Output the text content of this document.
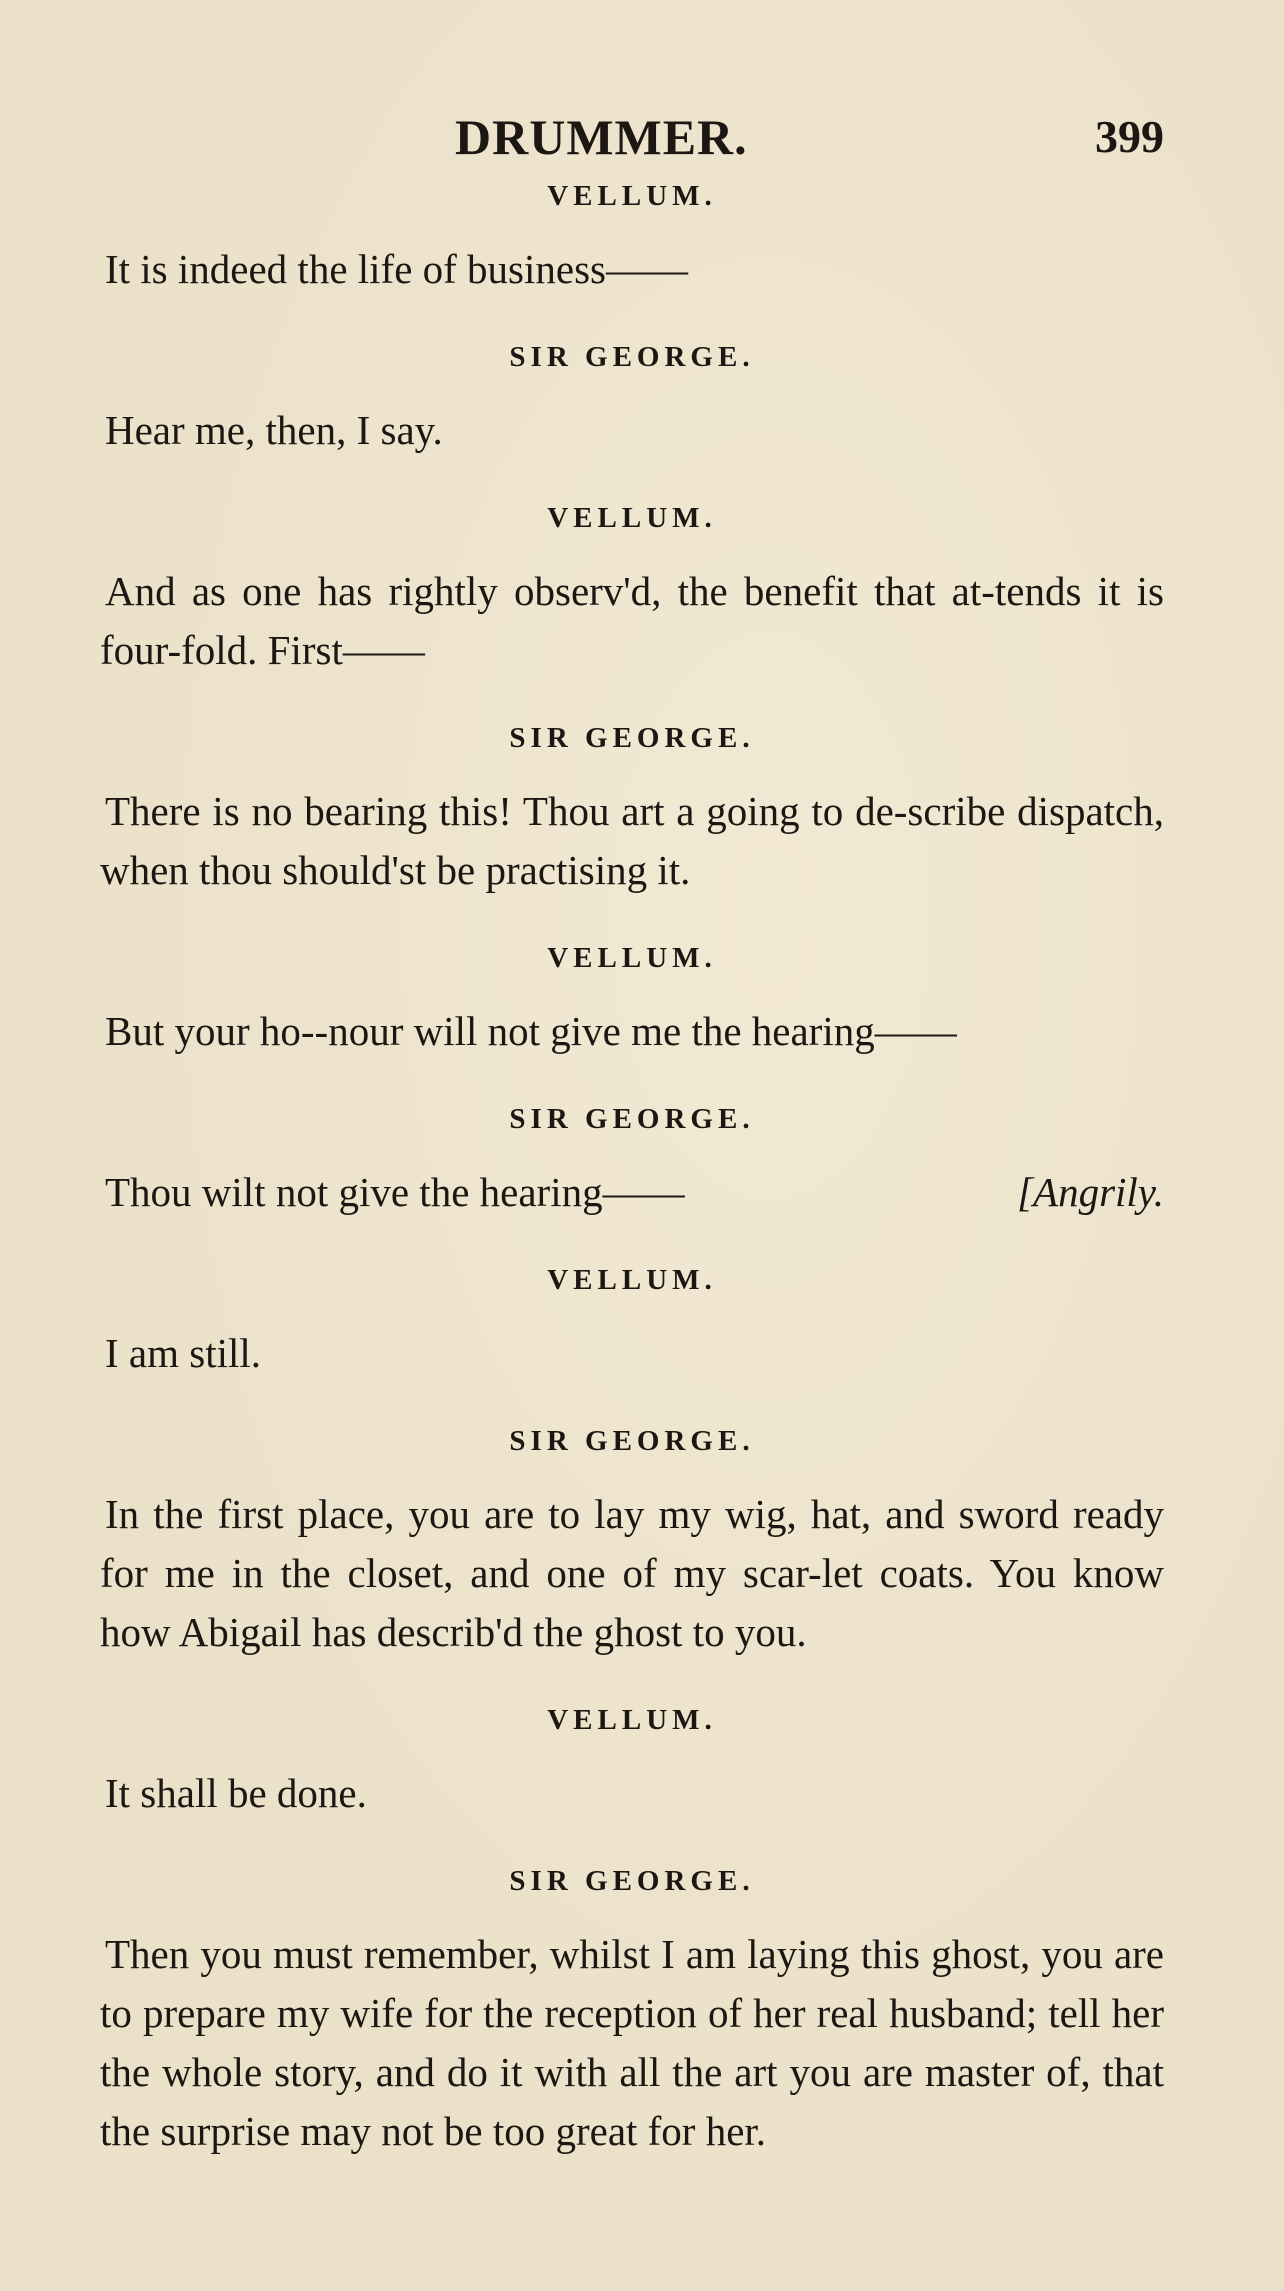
DRUMMER.	399
VELLUM.

It is indeed the life of business——

SIR GEORGE.

Hear me, then, I say.

VELLUM.

And as one has rightly observ'd, the benefit that at-tends it is four-fold. First——

SIR GEORGE.

There is no bearing this! Thou art a going to de-scribe dispatch, when thou should'st be practising it.

VELLUM.

But your ho--nour will not give me the hearing——

SIR GEORGE.

[Angrily.
Thou wilt not give the hearing——

VELLUM.

I am still.

SIR GEORGE.

In the first place, you are to lay my wig, hat, and sword ready for me in the closet, and one of my scar-let coats. You know how Abigail has describ'd the ghost to you.

VELLUM.

It shall be done.

SIR GEORGE.

Then you must remember, whilst I am laying this ghost, you are to prepare my wife for the reception of her real husband; tell her the whole story, and do it with all the art you are master of, that the surprise may not be too great for her.
